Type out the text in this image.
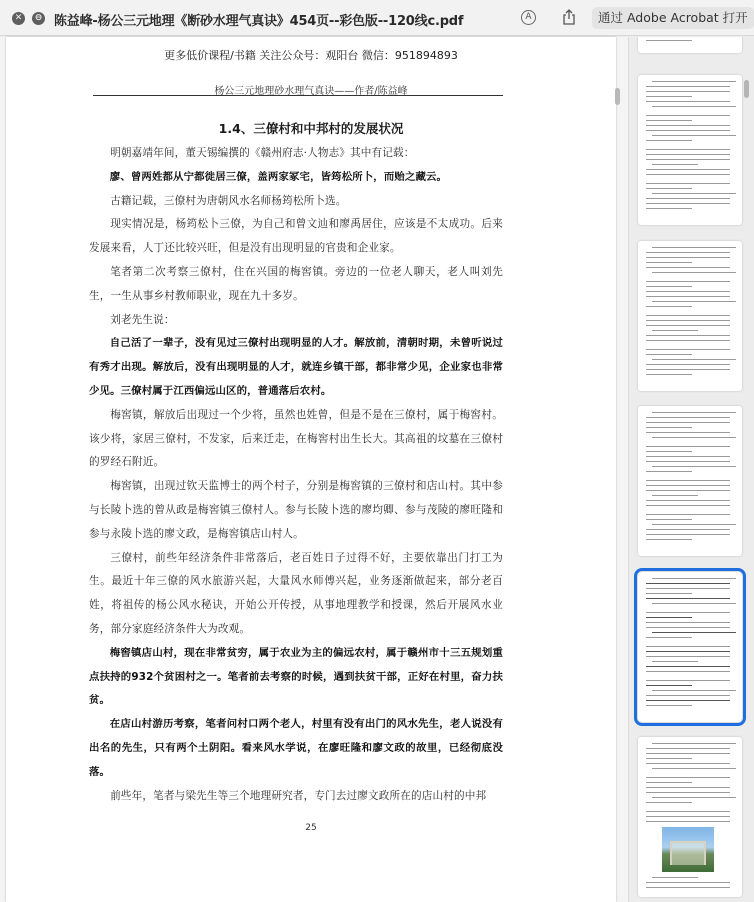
✕	⊖ 陈益峰-杨公三元地理《断砂水理气真诀》454页--彩色版--120线c.pdf	A	通过 Adobe Acrobat 打开
更多低价课程/书籍 关注公众号：观阳台 微信：951894893
杨公三元地理砂水理气真诀——作者/陈益峰
1.4、三僚村和中邦村的发展状况

明朝嘉靖年间，董天锡编撰的《赣州府志·人物志》其中有记载：

廖、曾两姓都从宁都徙居三僚，盖两家冢宅，皆筠松所卜，而贻之藏云。

古籍记载，三僚村为唐朝风水名师杨筠松所卜选。

现实情况是，杨筠松卜三僚，为自己和曾文辿和廖禹居住，应该是不太成功。后来发展来看，人丁还比较兴旺，但是没有出现明显的官贵和企业家。

笔者第二次考察三僚村，住在兴国的梅窖镇。旁边的一位老人聊天，老人叫刘先生，一生从事乡村教师职业，现在九十多岁。

刘老先生说：

自己活了一辈子，没有见过三僚村出现明显的人才。解放前，清朝时期，未曾听说过有秀才出现。解放后，没有出现明显的人才，就连乡镇干部，都非常少见，企业家也非常少见。三僚村属于江西偏远山区的，普通落后农村。

梅窖镇，解放后出现过一个少将，虽然也姓曾，但是不是在三僚村，属于梅窖村。该少将，家居三僚村，不发家，后来迁走，在梅窖村出生长大。其高祖的坟墓在三僚村的罗经石附近。

梅窖镇，出现过钦天监博士的两个村子，分别是梅窖镇的三僚村和店山村。其中参与长陵卜选的曾从政是梅窖镇三僚村人。参与长陵卜选的廖均卿、参与茂陵的廖旺隆和参与永陵卜选的廖文政，是梅窖镇店山村人。

三僚村，前些年经济条件非常落后，老百姓日子过得不好，主要依靠出门打工为生。最近十年三僚的风水旅游兴起，大量风水师傅兴起，业务逐渐做起来，部分老百姓，将祖传的杨公风水秘诀，开始公开传授，从事地理教学和授课，然后开展风水业务，部分家庭经济条件大为改观。

梅窖镇店山村，现在非常贫穷，属于农业为主的偏远农村，属于赣州市十三五规划重点扶持的932个贫困村之一。笔者前去考察的时候，遇到扶贫干部，正好在村里，奋力扶贫。

在店山村游历考察，笔者问村口两个老人，村里有没有出门的风水先生，老人说没有出名的先生，只有两个土阴阳。看来风水学说，在廖旺隆和廖文政的故里，已经彻底没落。

前些年，笔者与梁先生等三个地理研究者，专门去过廖文政所在的店山村的中邦

25
